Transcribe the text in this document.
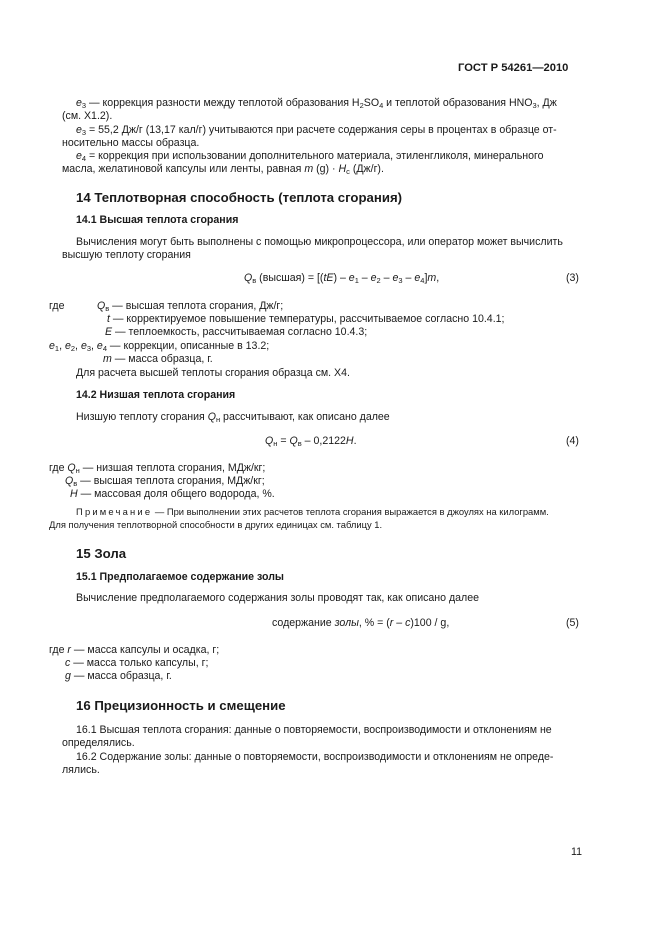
ГОСТ Р 54261—2010
$e_3$ — коррекция разности между теплотой образования $H_2SO_4$ и теплотой образования $HNO_3$, Дж
(см. X1.2).
$e_3 = 55,2$ Дж/г (13,17 кал/г) учитываются при расчете содержания серы в процентах в образце от-
носительно массы образца.
$e_4$ = коррекция при использовании дополнительного материала, этиленгликоля, минерального
масла, желатиновой капсулы или ленты, равная m $(g) \cdot H_c$ (Дж/г).
14 Теплотворная способность (теплота сгорания)
14.1 Высшая теплота сгорания
Вычисления могут быть выполнены с помощью микропроцессора, или оператор может вычислить
высшую теплоту сгорания
$Q_в$ (высшая) = $[(tE) - e_1 - e_2 - e_3 - e_4]m$,	(3)
где	$Q_в$ — высшая теплота сгорания, Дж/г;
t — корректируемое повышение температуры, рассчитываемое согласно 10.4.1;
E — теплоемкость, рассчитываемая согласно 10.4.3;
$e_1$, $e_2$, $e_3$, $e_4$ — коррекции, описанные в 13.2;
m — масса образца, г.
Для расчета высшей теплоты сгорания образца см. X4.
14.2 Низшая теплота сгорания
Низшую теплоту сгорания $Q_н$ рассчитывают, как описано далее
$Q_н = Q_в - 0,2122H$.	(4)
где $Q_н$ — низшая теплота сгорания, МДж/кг;
$Q_в$ — высшая теплота сгорания, МДж/кг;
H — массовая доля общего водорода, %.
Примечание — При выполнении этих расчетов теплота сгорания выражается в джоулях на килограмм.
Для получения теплотворной способности в других единицах см. таблицу 1.
15 Зола
15.1 Предполагаемое содержание золы
Вычисление предполагаемого содержания золы проводят так, как описано далее
содержание золы, % = (r – c)100 / g,	(5)
где r — масса капсулы и осадка, г;
c — масса только капсулы, г;
g — масса образца, г.
16 Прецизионность и смещение
16.1 Высшая теплота сгорания: данные о повторяемости, воспроизводимости и отклонениям не
определялись.
16.2 Содержание золы: данные о повторяемости, воспроизводимости и отклонениям не опреде-
лялись.
11
